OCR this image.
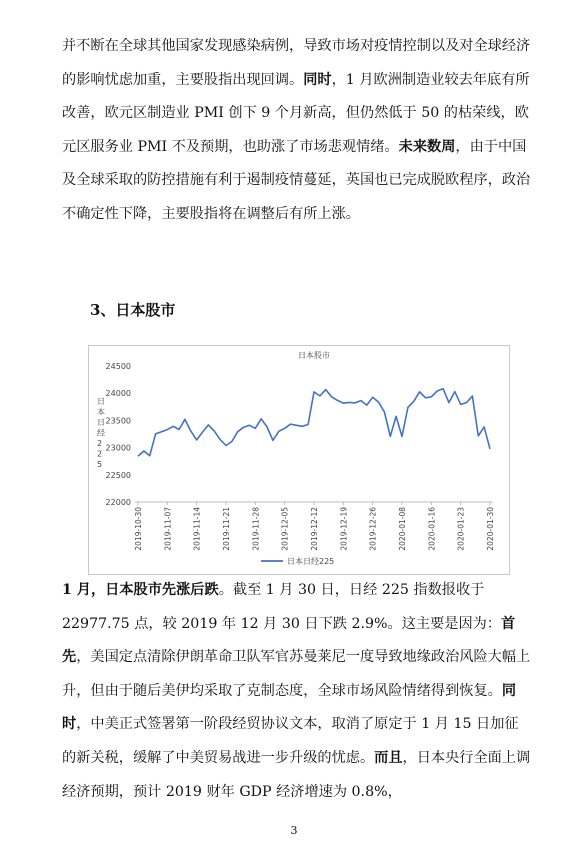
并不断在全球其他国家发现感染病例，导致市场对疫情控制以及对全球经济的影响忧虑加重，主要股指出现回调。同时，1 月欧洲制造业较去年底有所改善，欧元区制造业 PMI 创下 9 个月新高，但仍然低于 50 的枯荣线，欧元区服务业 PMI 不及预期，也助涨了市场悲观情绪。未来数周，由于中国及全球采取的防控措施有利于遏制疫情蔓延，英国也已完成脱欧程序，政治不确定性下降，主要股指将在调整后有所上涨。

3、日本股市
日本股市
22000
22500
23000
23500
24000
24500
日本日经 2 2 5
2019-10-30	2019-11-07	2019-11-14	2019-11-21	2019-11-28	2019-12-05	2019-12-12	2019-12-19	2019-12-26	2020-01-08	2020-01-16	2020-01-23	2020-01-30
日本日经225

1 月，日本股市先涨后跌。截至 1 月 30 日，日经 225 指数报收于 22977.75 点，较 2019 年 12 月 30 日下跌 2.9%。这主要是因为：首先，美国定点清除伊朗革命卫队军官苏曼莱尼一度导致地缘政治风险大幅上升，但由于随后美伊均采取了克制态度，全球市场风险情绪得到恢复。同时，中美正式签署第一阶段经贸协议文本，取消了原定于 1 月 15 日加征的新关税，缓解了中美贸易战进一步升级的忧虑。而且，日本央行全面上调经济预期，预计 2019 财年 GDP 经济增速为 0.8%，

3
